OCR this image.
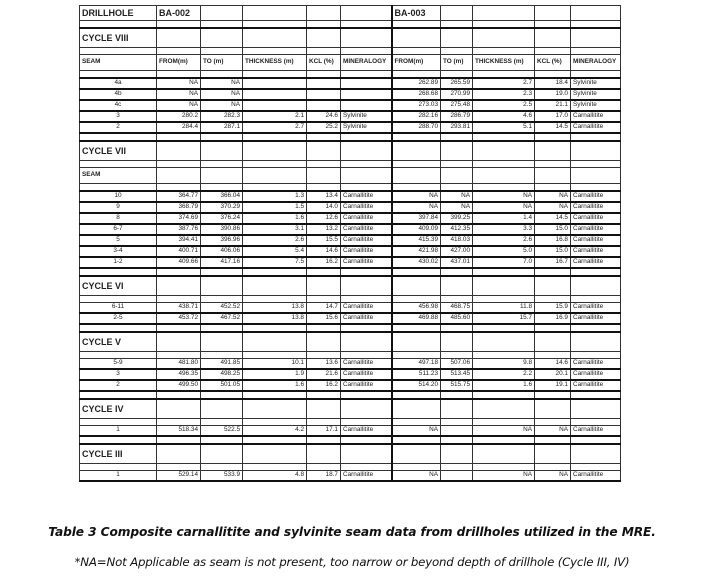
DRILLHOLE	BA-002					BA-003				

CYCLE VIII										

SEAM	FROM(m)	TO (m)	THICKNESS (m)	KCL (%)	MINERALOGY	FROM(m)	TO (m)	THICKNESS (m)	KCL (%)	MINERALOGY

4a	NA	NA				262.89	265.59	2.7	18.4	Sylvinite
4b	NA	NA				268.68	270.99	2.3	19.0	Sylvinite
4c	NA	NA				273.03	275.48	2.5	21.1	Sylvinite
3	280.2	282.3	2.1	24.6	Sylvinite	282.16	286.79	4.6	17.0	Carnallitite
2	284.4	287.1	2.7	25.2	Sylvinite	288.70	293.81	5.1	14.5	Carnallitite

CYCLE VII										

SEAM										

10	364.77	366.04	1.3	13.4	Carnallitite	NA	NA	NA	NA	Carnallitite
9	368.79	370.29	1.5	14.0	Carnallitite	NA	NA	NA	NA	Carnallitite
8	374.69	376.24	1.6	12.6	Carnallitite	397.84	399.25	1.4	14.5	Carnallitite
6-7	387.76	390.86	3.1	13.2	Carnallitite	409.09	412.35	3.3	15.0	Carnallitite
5	394.41	396.96	2.6	15.5	Carnallitite	415.39	418.03	2.6	16.8	Carnallitite
3-4	400.71	406.06	5.4	14.6	Carnallitite	421.98	427.00	5.0	15.0	Carnallitite
1-2	409.66	417.16	7.5	16.2	Carnallitite	430.02	437.01	7.0	16.7	Carnallitite

CYCLE VI										

6-11	438.71	452.52	13.8	14.7	Carnallitite	456.98	468.75	11.8	15.9	Carnallitite
2-5	453.72	467.52	13.8	15.6	Carnallitite	469.88	485.60	15.7	16.9	Carnallitite

CYCLE V										

5-9	481.80	491.85	10.1	13.6	Carnallitite	497.18	507.06	9.8	14.6	Carnallitite
3	496.35	498.25	1.9	21.6	Carnallitite	511.23	513.45	2.2	20.1	Carnallitite
2	499.50	501.05	1.6	16.2	Carnallitite	514.20	515.75	1.6	19.1	Carnallitite

CYCLE IV										

1	518.34	522.5	4.2	17.1	Carnallitite	NA		NA	NA	Carnallitite

CYCLE III										

1	529.14	533.9	4.8	18.7	Carnallitite	NA		NA	NA	Carnallitite
Table 3 Composite carnallitite and sylvinite seam data from drillholes utilized in the MRE.
*NA=Not Applicable as seam is not present, too narrow or beyond depth of drillhole (Cycle III, IV)
